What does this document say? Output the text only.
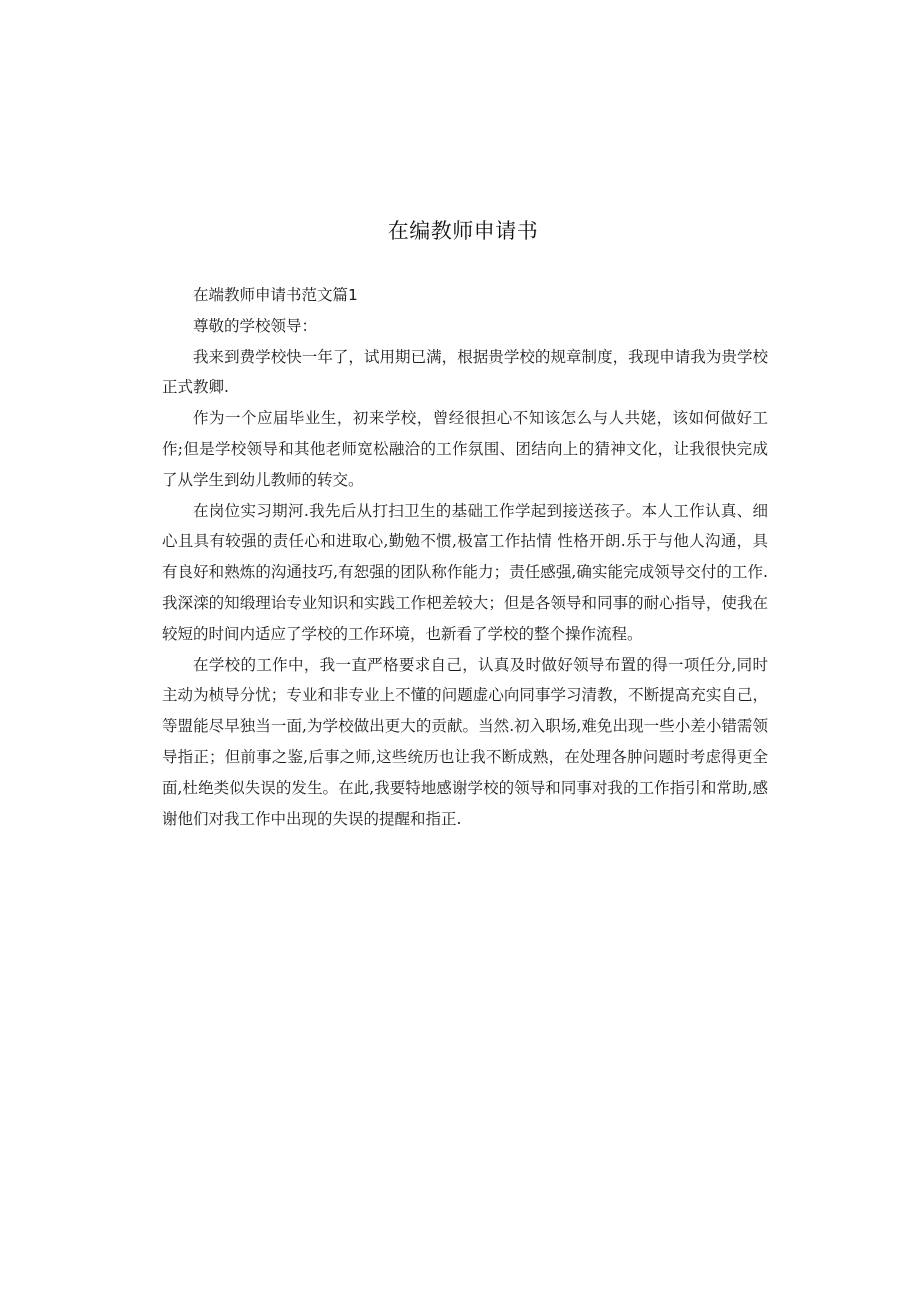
在编教师申请书

在端教师申请书范文篇1

尊敬的学校领导：

我来到费学校快一年了，试用期已满，根据贵学校的规章制度，我现申请我为贵学校正式教卿.

作为一个应届毕业生，初来学校，曾经很担心不知该怎么与人共姥，该如何做好工作;但是学校领导和其他老师宽松融洽的工作氛围、团结向上的猜神文化，让我很快完成了从学生到幼儿教师的转交。

在岗位实习期河.我先后从打扫卫生的基础工作学起到接送孩子。本人工作认真、细心且具有较强的责任心和进取心,勤勉不惯,极富工作拈情 性格开朗.乐于与他人沟通，具有良好和熟炼的沟通技巧,有恕强的团队称作能力；责任感强,确实能完成领导交付的工作.我深滦的知缎理诒专业知识和实践工作杷差较大；但是各领导和同事的耐心指导，使我在较短的时间内适应了学校的工作环境，也新看了学校的整个操作流程。

在学校的工作中，我一直严格要求自己，认真及时做好领导布置的得一项任分,同时主动为桢导分忧；专业和非专业上不懂的问题虚心向同事学习清教，不断提高充实自己，等盟能尽早独当一面,为学校做出更大的贡献。当然.初入职场,难免出现一些小差小错需领导指正；但前事之鉴,后事之师,这些统历也让我不断成熟，在处理各肿问题时考虑得更全面,杜绝类似失误的发生。在此,我要特地感谢学校的领导和同事对我的工作指引和常助,感谢他们对我工作中出现的失误的提醒和指正.
